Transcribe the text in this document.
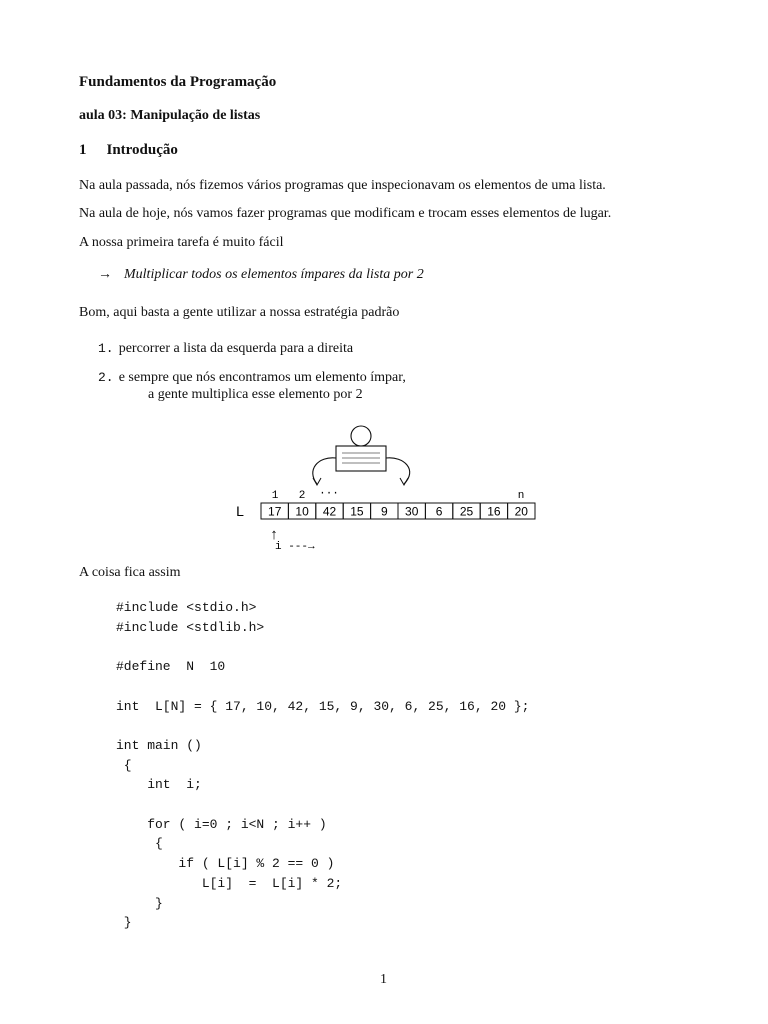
Fundamentos da Programação
aula 03: Manipulação de listas
1 Introdução
Na aula passada, nós fizemos vários programas que inspecionavam os elementos de uma lista.
Na aula de hoje, nós vamos fazer programas que modificam e trocam esses elementos de lugar.
A nossa primeira tarefa é muito fácil
→ Multiplicar todos os elementos ímpares da lista por 2
Bom, aqui basta a gente utilizar a nossa estratégia padrão
1. percorrer a lista da esquerda para a direita
2. e sempre que nós encontramos um elemento ímpar,
a gente multiplica esse elemento por 2
1 2 ···	n
L 17 10 42 15 9 30 6 25 16 20
↑
i ---→
A coisa fica assim
#include <stdio.h>
#include <stdlib.h>
#define  N  10
int  L[N] = { 17, 10, 42, 15, 9, 30, 6, 25, 16, 20 };
int main ()
{
int  i;
for ( i=0 ; i<N ; i++ )
{
if ( L[i] % 2 == 0 )
L[i]  =  L[i] * 2;
}
}
1
